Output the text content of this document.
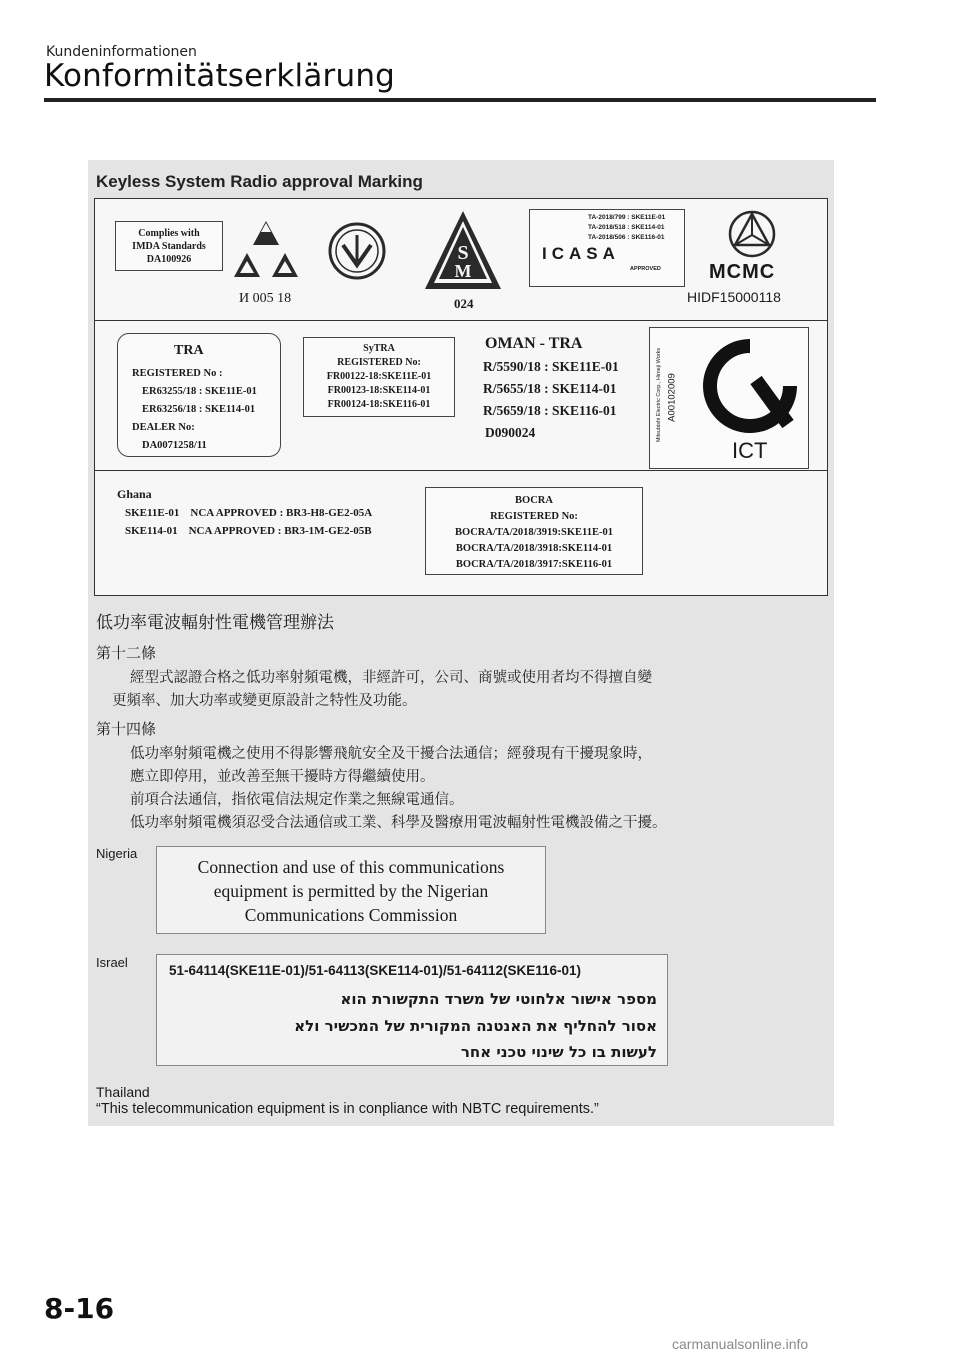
Kundeninformationen
Konformitätserklärung
Keyless System Radio approval Marking
Complies with
IMDA Standards
DA100926
И 005 18
S
M
024
TA-2018/799 : SKE11E-01
TA-2018/518 : SKE114-01
TA-2018/506 : SKE116-01
ICASA
APPROVED MCMC
HIDF15000118
TRA
REGISTERED No :
ER63255/18 : SKE11E-01
ER63256/18 : SKE114-01
DEALER No:
DA0071258/11
SyTRA
REGISTERED No:
FR00122-18:SKE11E-01
FR00123-18:SKE114-01
FR00124-18:SKE116-01
OMAN - TRA
R/5590/18 : SKE11E-01
R/5655/18 : SKE114-01
R/5659/18 : SKE116-01
D090024	Mitsubishi Electric Corp., Himeji Works A00102009
ICT
Ghana
SKE11E-01    NCA APPROVED : BR3-H8-GE2-05A
SKE114-01    NCA APPROVED : BR3-1M-GE2-05B
BOCRA
REGISTERED No:
BOCRA/TA/2018/3919:SKE11E-01
BOCRA/TA/2018/3918:SKE114-01
BOCRA/TA/2018/3917:SKE116-01
低功率電波輻射性電機管理辦法
第十二條
經型式認證合格之低功率射頻電機，非經許可，公司、商號或使用者均不得擅自變
更頻率、加大功率或變更原設計之特性及功能。
第十四條
低功率射頻電機之使用不得影響飛航安全及干擾合法通信；經發現有干擾現象時，
應立即停用，並改善至無干擾時方得繼續使用。
前項合法通信，指依電信法規定作業之無線電通信。
低功率射頻電機須忍受合法通信或工業、科學及醫療用電波輻射性電機設備之干擾。
Nigeria
Connection and use of this communications
equipment is permitted by the Nigerian
Communications Commission
Israel
51-64114(SKE11E-01)/51-64113(SKE114-01)/51-64112(SKE116-01)
מספר אישור אלחוטי של משרד התקשורת הוא
אסור להחליף את האנטנה המקורית של המכשיר ולא
לעשות בו כל שינוי טכני אחר
Thailand
“This telecommunication equipment is in conpliance with NBTC requirements.”
8-16
carmanualsonline.info
